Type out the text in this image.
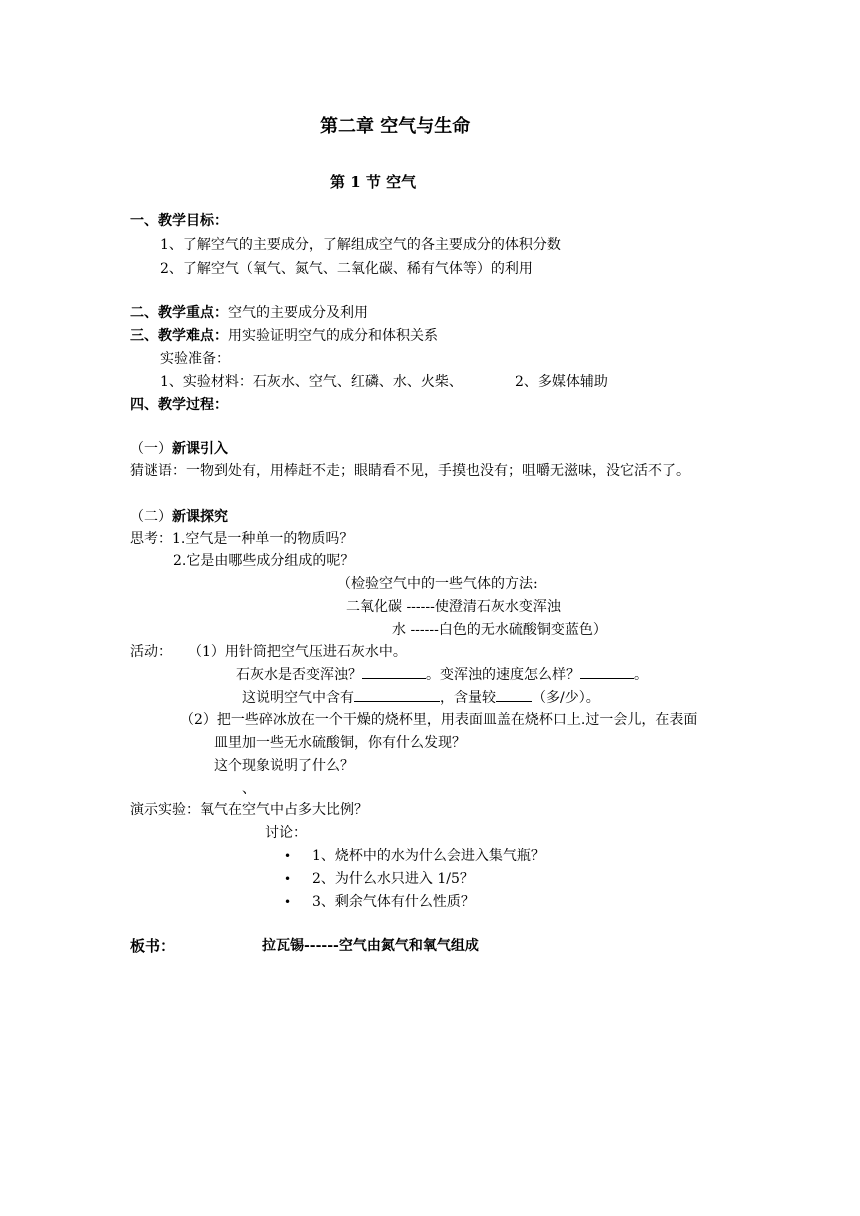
第二章 空气与生命
第 1 节 空气
一、教学目标：
1、了解空气的主要成分，了解组成空气的各主要成分的体积分数
2、了解空气（氧气、氮气、二氧化碳、稀有气体等）的利用
二、教学重点：空气的主要成分及利用
三、教学难点：用实验证明空气的成分和体积关系
实验准备：
1、实验材料：石灰水、空气、红磷、水、火柴、	2、多媒体辅助
四、教学过程：
（一）新课引入
猜谜语：一物到处有，用棒赶不走；眼睛看不见，手摸也没有；咀嚼无滋味，没它活不了。
（二）新课探究
思考：1.空气是一种单一的物质吗？
2.它是由哪些成分组成的呢？
（检验空气中的一些气体的方法:
二氧化碳 ------使澄清石灰水变浑浊
水 ------白色的无水硫酸铜变蓝色）
活动： （1）用针筒把空气压进石灰水中。
石灰水是否变浑浊？	。变浑浊的速度怎么样？	。
这说明空气中含有	，含量较	（多/少）。
（2）把一些碎冰放在一个干燥的烧杯里，用表面皿盖在烧杯口上.过一会儿，在表面
皿里加一些无水硫酸铜，你有什么发现？
这个现象说明了什么？
、
演示实验：氧气在空气中占多大比例？
讨论：
• 1、烧杯中的水为什么会进入集气瓶？
• 2、为什么水只进入 1/5？
• 3、剩余气体有什么性质？
板书：	拉瓦锡------空气由氮气和氧气组成
